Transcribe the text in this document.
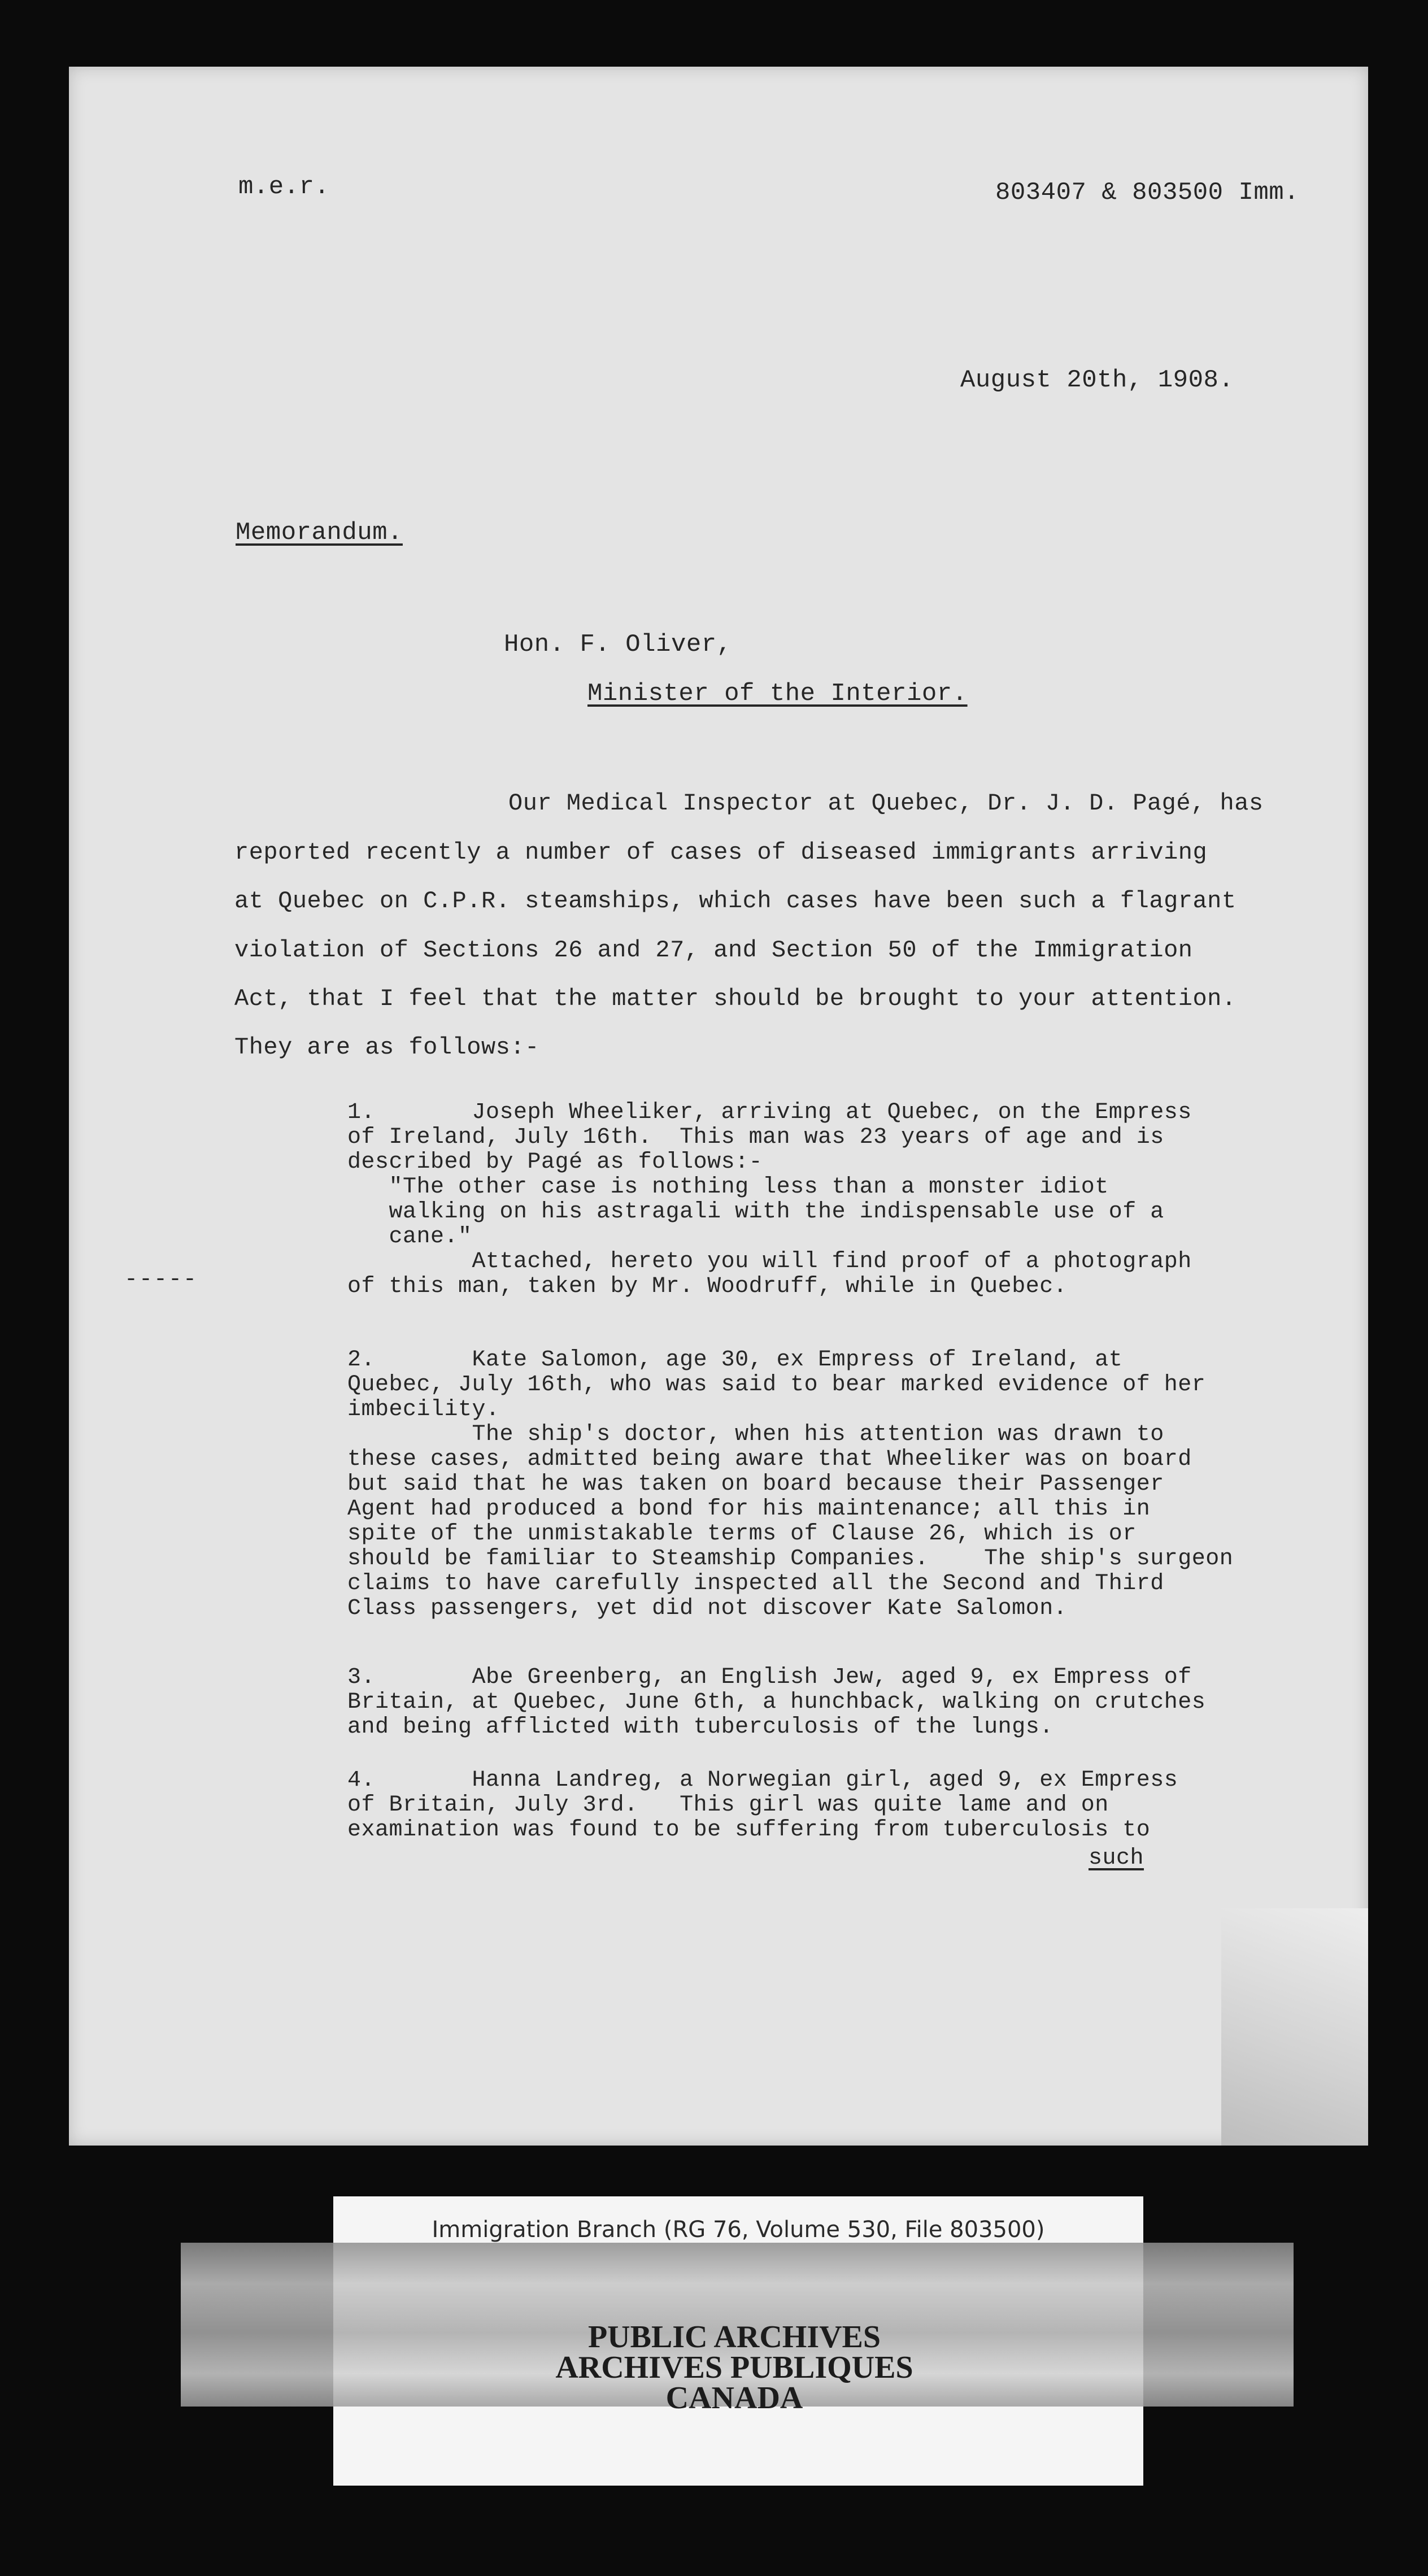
m.e.r.	803407 & 803500 Imm.
August 20th, 1908.
Memorandum.
Hon. F. Oliver,
Minister of the Interior.
Our Medical Inspector at Quebec, Dr. J. D. Pagé, has
reported recently a number of cases of diseased immigrants arriving
at Quebec on C.P.R. steamships, which cases have been such a flagrant
violation of Sections 26 and 27, and Section 50 of the Immigration
Act, that I feel that the matter should be brought to your attention.
They are as follows:-
1.       Joseph Wheeliker, arriving at Quebec, on the Empress
of Ireland, July 16th.  This man was 23 years of age and is
described by Pagé as follows:-
"The other case is nothing less than a monster idiot
walking on his astragali with the indispensable use of a
cane."
Attached, hereto you will find proof of a photograph
of this man, taken by Mr. Woodruff, while in Quebec.
-----
2.       Kate Salomon, age 30, ex Empress of Ireland, at
Quebec, July 16th, who was said to bear marked evidence of her
imbecility.
The ship's doctor, when his attention was drawn to
these cases, admitted being aware that Wheeliker was on board
but said that he was taken on board because their Passenger
Agent had produced a bond for his maintenance; all this in
spite of the unmistakable terms of Clause 26, which is or
should be familiar to Steamship Companies.    The ship's surgeon
claims to have carefully inspected all the Second and Third
Class passengers, yet did not discover Kate Salomon.
3.       Abe Greenberg, an English Jew, aged 9, ex Empress of
Britain, at Quebec, June 6th, a hunchback, walking on crutches
and being afflicted with tuberculosis of the lungs.
4.       Hanna Landreg, a Norwegian girl, aged 9, ex Empress
of Britain, July 3rd.   This girl was quite lame and on
examination was found to be suffering from tuberculosis to
such
Immigration Branch (RG 76, Volume 530, File 803500)
PUBLIC ARCHIVES
ARCHIVES PUBLIQUES
CANADA
